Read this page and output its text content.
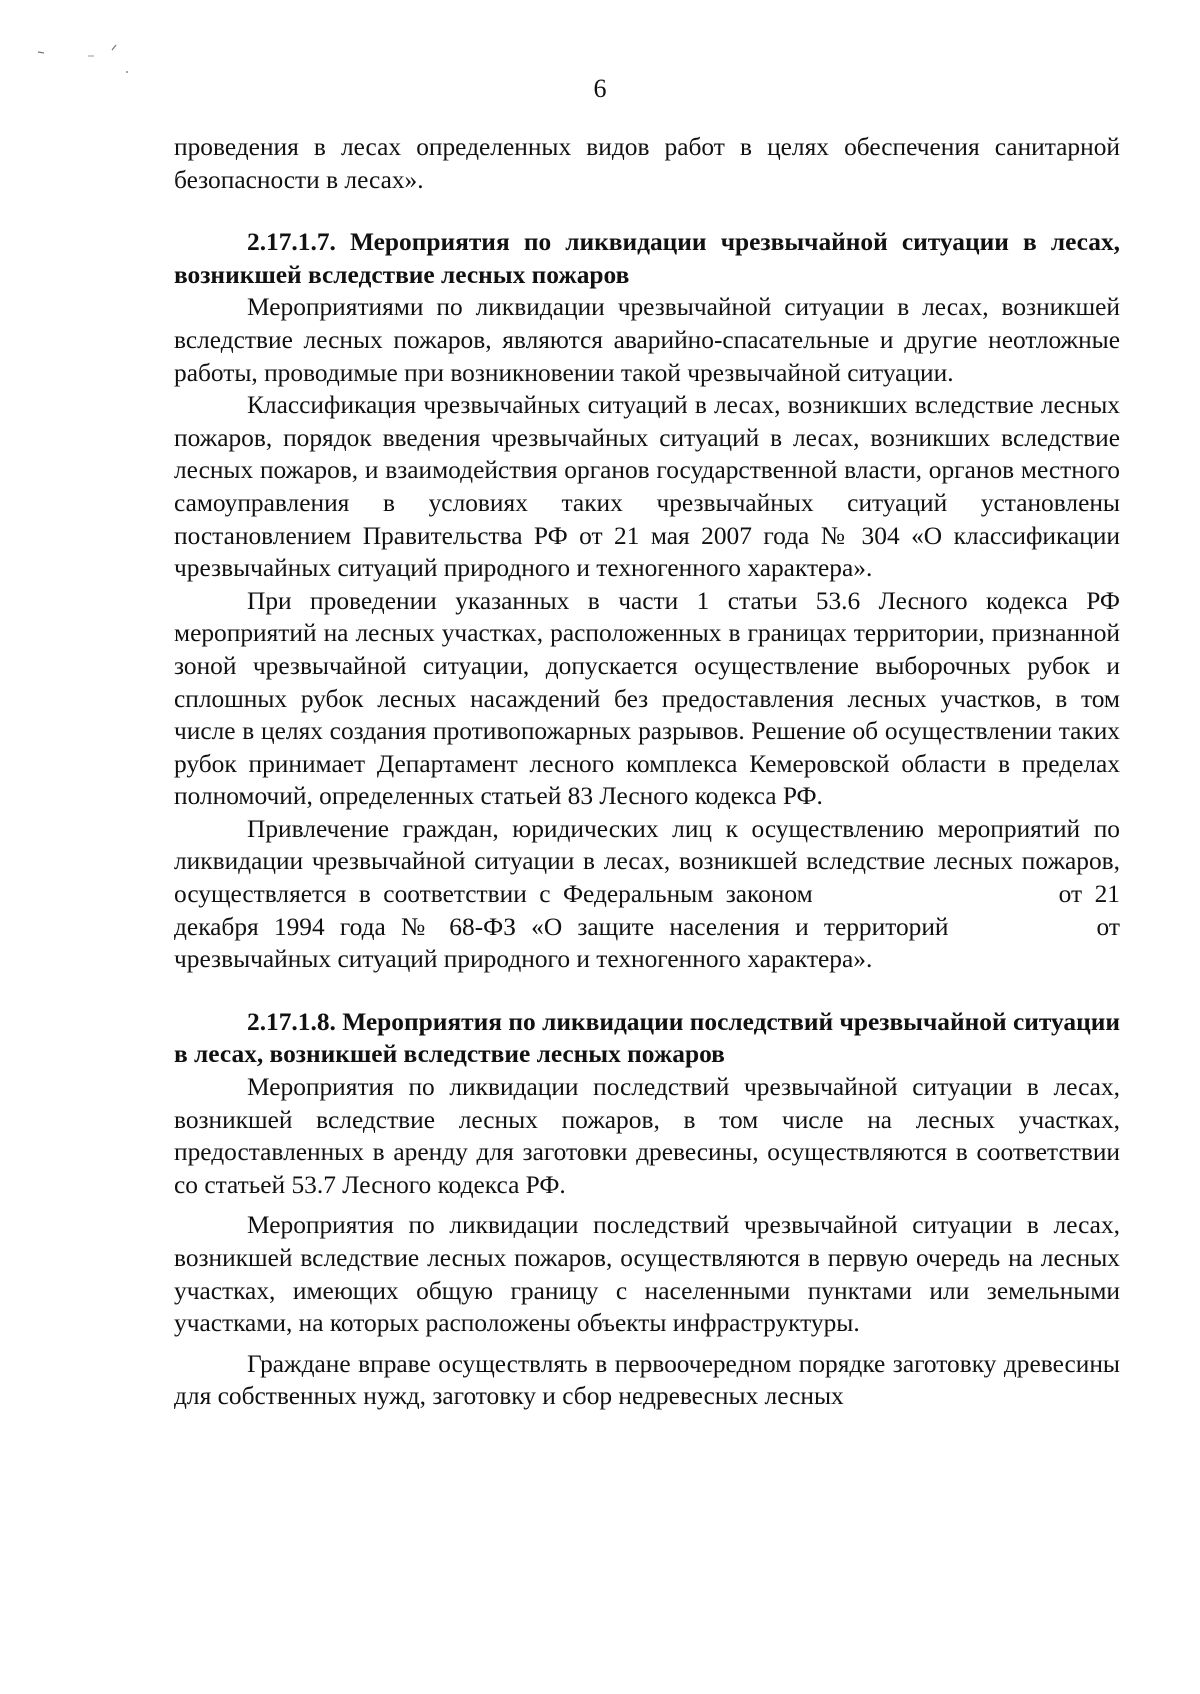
6

проведения в лесах определенных видов работ в целях обеспечения санитарной безопасности в лесах».

2.17.1.7. Мероприятия по ликвидации чрезвычайной ситуации в лесах, возникшей вследствие лесных пожаров

Мероприятиями по ликвидации чрезвычайной ситуации в лесах, возникшей вследствие лесных пожаров, являются аварийно-спасательные и другие неотложные работы, проводимые при возникновении такой чрезвычайной ситуации.

Классификация чрезвычайных ситуаций в лесах, возникших вследствие лесных пожаров, порядок введения чрезвычайных ситуаций в лесах, возникших вследствие лесных пожаров, и взаимодействия органов государственной власти, органов местного самоуправления в условиях таких чрезвычайных ситуаций установлены постановлением Правительства РФ от 21 мая 2007 года № 304 «О классификации чрезвычайных ситуаций природного и техногенного характера».

При проведении указанных в части 1 статьи 53.6 Лесного кодекса РФ мероприятий на лесных участках, расположенных в границах территории, признанной зоной чрезвычайной ситуации, допускается осуществление выборочных рубок и сплошных рубок лесных насаждений без предоставления лесных участков, в том числе в целях создания противопожарных разрывов. Решение об осуществлении таких рубок принимает Департамент лесного комплекса Кемеровской области в пределах полномочий, определенных статьей 83 Лесного кодекса РФ.

Привлечение граждан, юридических лиц к осуществлению мероприятий по ликвидации чрезвычайной ситуации в лесах, возникшей вследствие лесных пожаров, осуществляется в соответствии с Федеральным законом	от 21 декабря 1994 года № 68-ФЗ «О защите населения и территорий	от чрезвычайных ситуаций природного и техногенного характера».

2.17.1.8. Мероприятия по ликвидации последствий чрезвычайной ситуации в лесах, возникшей вследствие лесных пожаров

Мероприятия по ликвидации последствий чрезвычайной ситуации в лесах, возникшей вследствие лесных пожаров, в том числе на лесных участках, предоставленных в аренду для заготовки древесины, осуществляются в соответствии со статьей 53.7 Лесного кодекса РФ.

Мероприятия по ликвидации последствий чрезвычайной ситуации в лесах, возникшей вследствие лесных пожаров, осуществляются в первую очередь на лесных участках, имеющих общую границу с населенными пунктами или земельными участками, на которых расположены объекты инфраструктуры.

Граждане вправе осуществлять в первоочередном порядке заготовку древесины для собственных нужд, заготовку и сбор недревесных лесных
